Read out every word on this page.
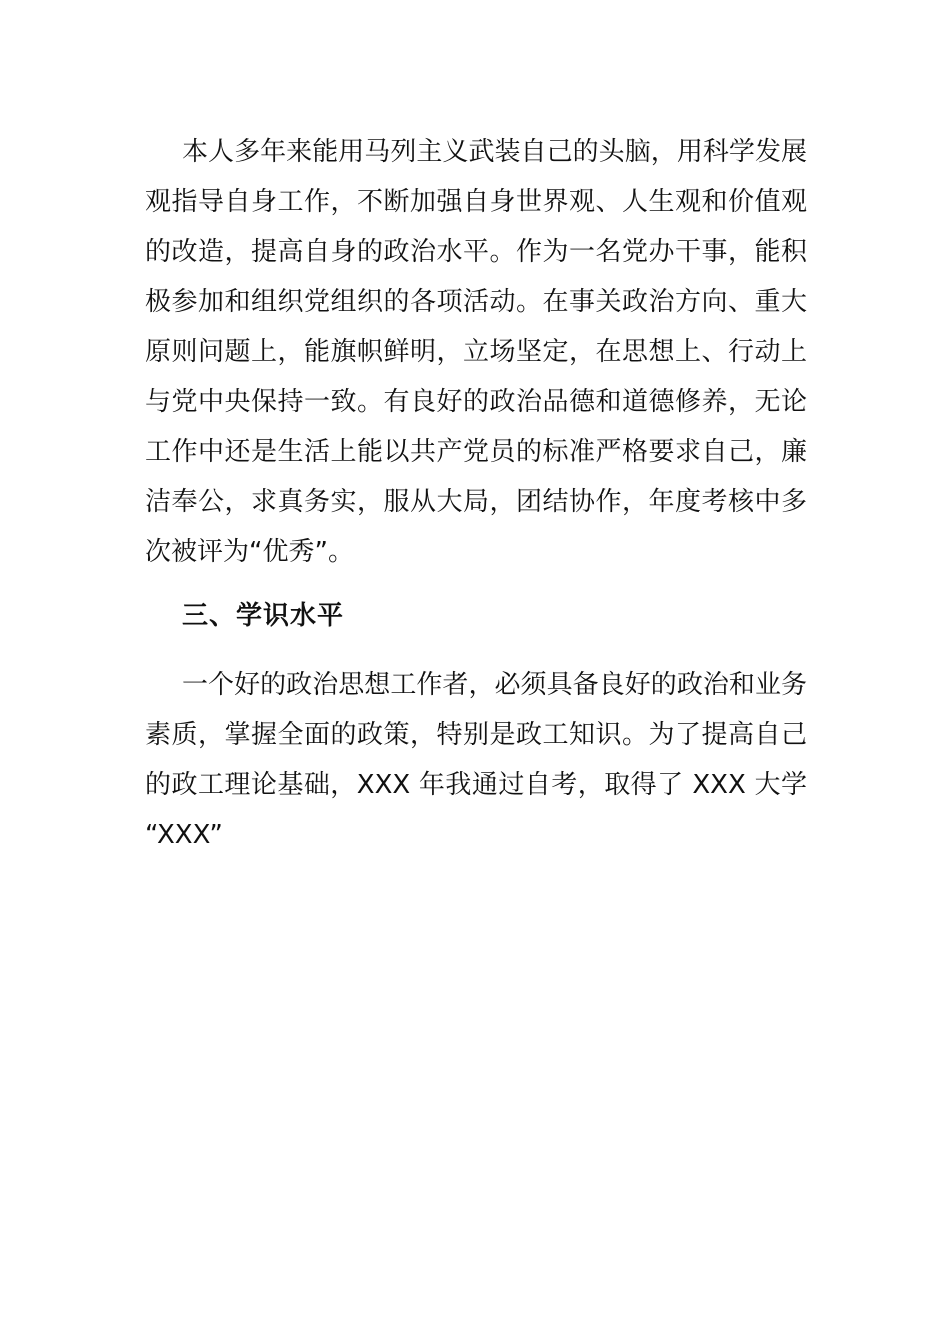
本人多年来能用马列主义武装自己的头脑，用科学发展
观指导自身工作，不断加强自身世界观、人生观和价值观
的改造，提高自身的政治水平。作为一名党办干事，能积
极参加和组织党组织的各项活动。在事关政治方向、重大
原则问题上，能旗帜鲜明，立场坚定，在思想上、行动上
与党中央保持一致。有良好的政治品德和道德修养，无论
工作中还是生活上能以共产党员的标准严格要求自己，廉
洁奉公，求真务实，服从大局，团结协作，年度考核中多
次被评为“优秀”。
三、学识水平
一个好的政治思想工作者，必须具备良好的政治和业务
素质，掌握全面的政策，特别是政工知识。为了提高自己
的政工理论基础，XXX 年我通过自考，取得了 XXX 大学
“XXX”
